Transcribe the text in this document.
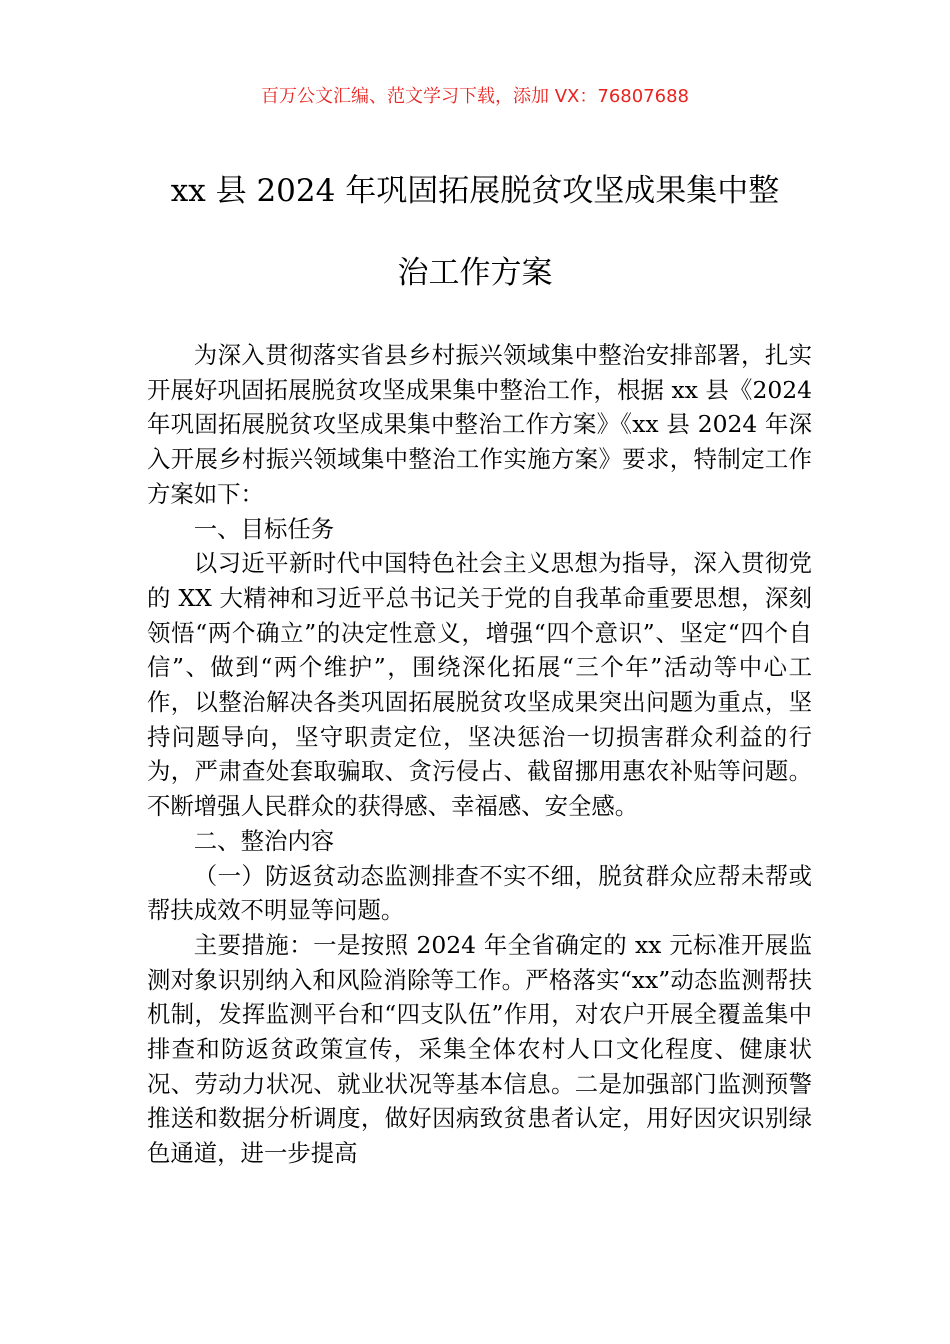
百万公文汇编、范文学习下载，添加 VX：76807688
xx 县 2024 年巩固拓展脱贫攻坚成果集中整
治工作方案

为深入贯彻落实省县乡村振兴领域集中整治安排部署，扎实开展好巩固拓展脱贫攻坚成果集中整治工作，根据 xx 县《2024 年巩固拓展脱贫攻坚成果集中整治工作方案》《xx 县 2024 年深入开展乡村振兴领域集中整治工作实施方案》要求，特制定工作方案如下：

一、目标任务

以习近平新时代中国特色社会主义思想为指导，深入贯彻党的 XX 大精神和习近平总书记关于党的自我革命重要思想，深刻领悟“两个确立”的决定性意义，增强“四个意识”、坚定“四个自信”、做到“两个维护”，围绕深化拓展“三个年”活动等中心工作，以整治解决各类巩固拓展脱贫攻坚成果突出问题为重点，坚持问题导向，坚守职责定位，坚决惩治一切损害群众利益的行为，严肃查处套取骗取、贪污侵占、截留挪用惠农补贴等问题。不断增强人民群众的获得感、幸福感、安全感。

二、整治内容

（一）防返贫动态监测排查不实不细，脱贫群众应帮未帮或帮扶成效不明显等问题。

主要措施：一是按照 2024 年全省确定的 xx 元标准开展监测对象识别纳入和风险消除等工作。严格落实“xx”动态监测帮扶机制，发挥监测平台和“四支队伍”作用，对农户开展全覆盖集中排查和防返贫政策宣传，采集全体农村人口文化程度、健康状况、劳动力状况、就业状况等基本信息。二是加强部门监测预警推送和数据分析调度，做好因病致贫患者认定，用好因灾识别绿色通道，进一步提高
